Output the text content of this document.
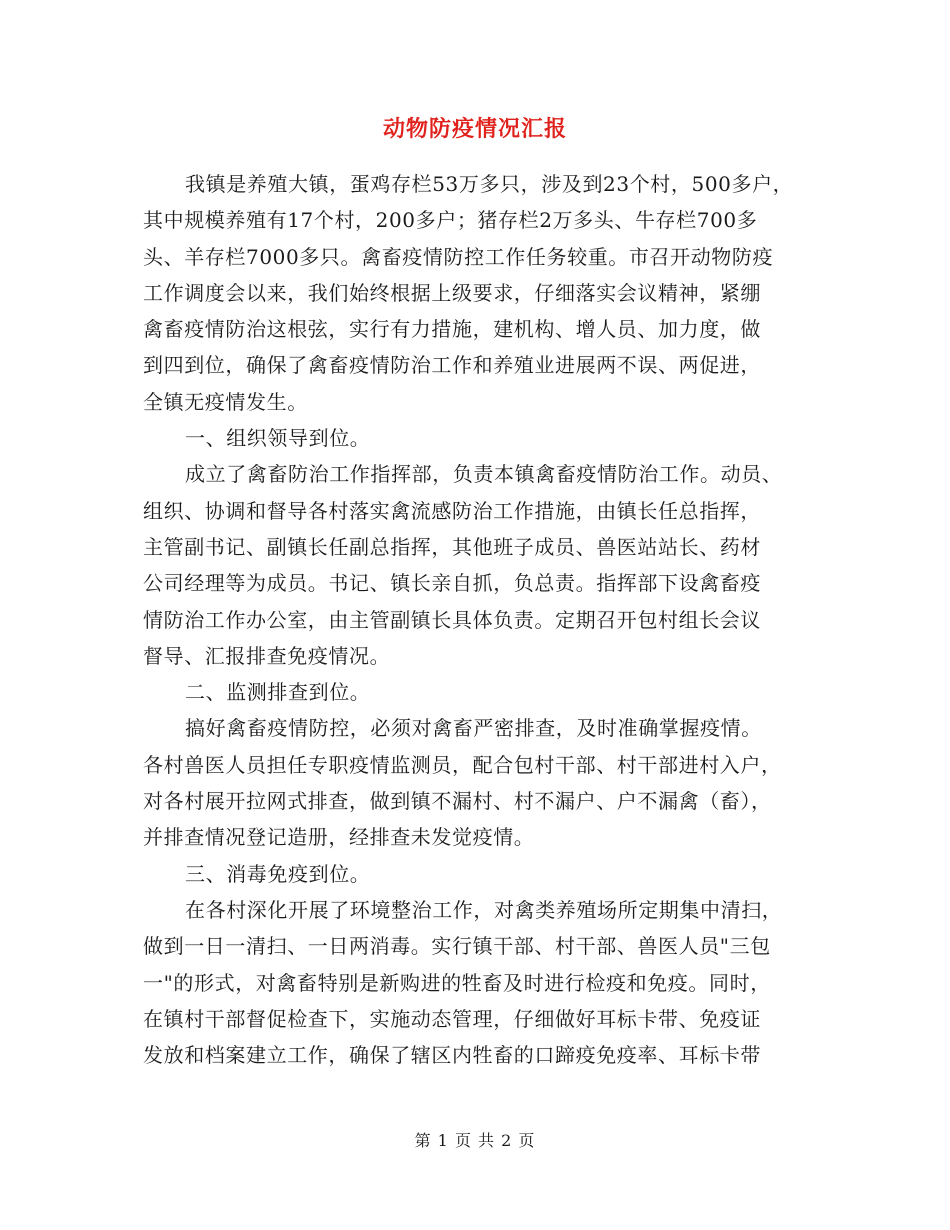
动物防疫情况汇报
我镇是养殖大镇，蛋鸡存栏53万多只，涉及到23个村，500多户，
其中规模养殖有17个村，200多户；猪存栏2万多头、牛存栏700多
头、羊存栏7000多只。禽畜疫情防控工作任务较重。市召开动物防疫
工作调度会以来，我们始终根据上级要求，仔细落实会议精神，紧绷
禽畜疫情防治这根弦，实行有力措施，建机构、增人员、加力度，做
到四到位，确保了禽畜疫情防治工作和养殖业进展两不误、两促进，
全镇无疫情发生。
一、组织领导到位。
成立了禽畜防治工作指挥部，负责本镇禽畜疫情防治工作。动员、
组织、协调和督导各村落实禽流感防治工作措施，由镇长任总指挥，
主管副书记、副镇长任副总指挥，其他班子成员、兽医站站长、药材
公司经理等为成员。书记、镇长亲自抓，负总责。指挥部下设禽畜疫
情防治工作办公室，由主管副镇长具体负责。定期召开包村组长会议
督导、汇报排查免疫情况。
二、监测排查到位。
搞好禽畜疫情防控，必须对禽畜严密排查，及时准确掌握疫情。
各村兽医人员担任专职疫情监测员，配合包村干部、村干部进村入户，
对各村展开拉网式排查，做到镇不漏村、村不漏户、户不漏禽（畜），
并排查情况登记造册，经排查未发觉疫情。
三、消毒免疫到位。
在各村深化开展了环境整治工作，对禽类养殖场所定期集中清扫，
做到一日一清扫、一日两消毒。实行镇干部、村干部、兽医人员"三包
一"的形式，对禽畜特别是新购进的牲畜及时进行检疫和免疫。同时，
在镇村干部督促检查下，实施动态管理，仔细做好耳标卡带、免疫证
发放和档案建立工作，确保了辖区内牲畜的口蹄疫免疫率、耳标卡带
第 1 页 共 2 页
